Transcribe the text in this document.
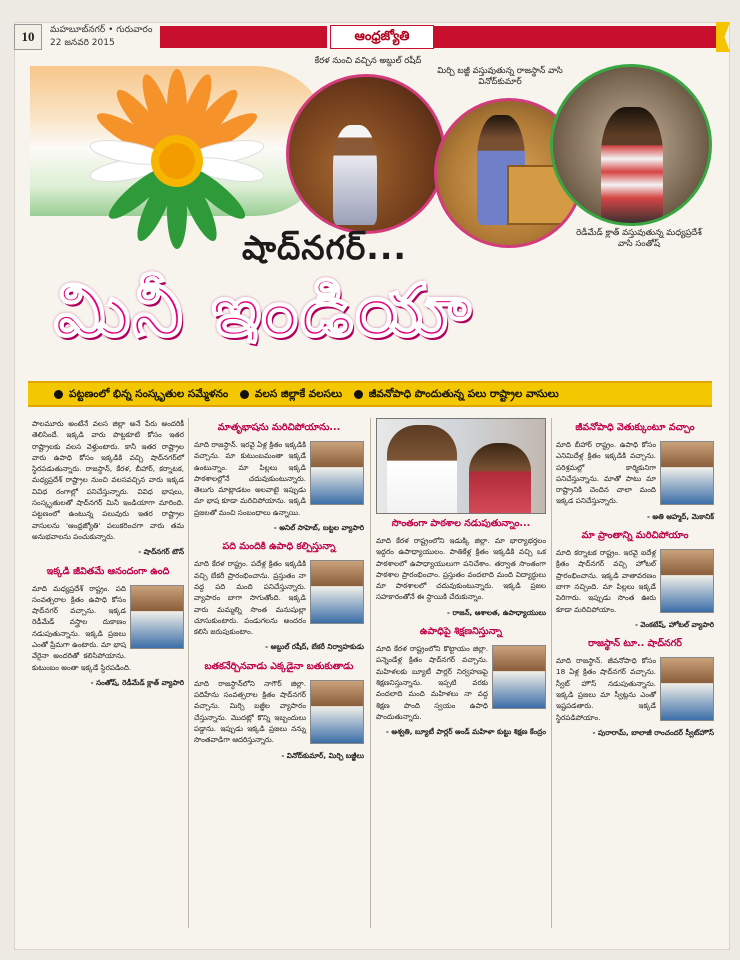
10	మహబూబ్‌నగర్ • గురువారం
22 జనవరి 2015	ఆంధ్రజ్యోతి
కేరళ నుంచి వచ్చిన అబ్దుల్ రషీద్
మిర్చి బజ్జీ వస్తువుతున్న రాజస్థాన్ వాసి వినోద్‌కుమార్
రెడీమేడ్ క్లాత్ వస్తువుతున్న మధ్యప్రదేశ్ వాసి సంతోష్
షాద్‌నగర్...
మినీ ఇండియా
పట్టణంలో భిన్న సంస్కృతుల సమ్మేళనం	వలస జిల్లాకే వలసలు	జీవనోపాధి పొందుతున్న పలు రాష్ట్రాల వాసులు

పాలమూరు అంటేనే వలస జిల్లా అనే పేరు అందరికీ తెలిసిందే. ఇక్కడి వారు పొట్టకూటి కోసం ఇతర రాష్ట్రాలకు వలస వెళ్తుంటారు. కానీ ఇతర రాష్ట్రాల వారు ఉపాధి కోసం ఇక్కడికి వచ్చి షాద్‌నగర్‌లో స్థిరపడుతున్నారు. రాజస్థాన్, కేరళ, బీహార్, కర్నాటక, మధ్యప్రదేశ్ రాష్ట్రాల నుంచి వలసవచ్చిన వారు ఇక్కడ వివిధ రంగాల్లో పనిచేస్తున్నారు. వివిధ భాషలు, సంస్కృతులతో షాద్‌నగర్ మినీ ఇండియాగా మారింది. పట్టణంలో ఉంటున్న పలువురు ఇతర రాష్ట్రాల వాసులను 'ఆంధ్రజ్యోతి' పలుకరించగా వారు తమ అనుభవాలను పంచుకున్నారు.

- షాద్‌నగర్ టౌన్
ఇక్కడి జీవితమే ఆనందంగా ఉంది

మాది మధ్యప్రదేశ్ రాష్ట్రం. పది సంవత్సరాల క్రితం ఉపాధి కోసం షాద్‌నగర్ వచ్చాను. ఇక్కడ రెడీమేడ్ వస్త్రాల దుకాణం నడుపుతున్నాను. ఇక్కడి ప్రజలు ఎంతో ప్రేమగా ఉంటారు. మా భాష వేరైనా అందరితో కలిసిపోయాను. కుటుంబం అంతా ఇక్కడే స్థిరపడింది.

- సంతోష్, రెడీమేడ్ క్లాత్ వ్యాపారి
మాతృభాషను మరిచిపోయాను...

మాది రాజస్థాన్. ఇరవై ఏళ్ల క్రితం ఇక్కడికి వచ్చాను. మా కుటుంబమంతా ఇక్కడే ఉంటున్నాం. మా పిల్లలు ఇక్కడి పాఠశాలల్లోనే చదువుకుంటున్నారు. తెలుగు మాట్లాడటం అలవాటై ఇప్పుడు మా భాష కూడా మరిచిపోయాను. ఇక్కడి ప్రజలతో మంచి సంబంధాలు ఉన్నాయి.

- అనిల్ సాహెబ్, బట్టల వ్యాపారి
పది మందికి ఉపాధి కల్పిస్తున్నా

మాది కేరళ రాష్ట్రం. పదేళ్ల క్రితం ఇక్కడికి వచ్చి బేకరీ ప్రారంభించాను. ప్రస్తుతం నా వద్ద పది మంది పనిచేస్తున్నారు. వ్యాపారం బాగా సాగుతోంది. ఇక్కడి వారు మమ్మల్ని సొంత మనుషుల్లా చూసుకుంటారు. పండుగలను అందరం కలిసి జరుపుకుంటాం.

- అబ్దుల్ రషీద్, బేకరీ నిర్వాహకుడు
బతకనేర్చినవాడు ఎక్కడైనా బతుకుతాడు

మాది రాజస్థాన్‌లోని నాగౌర్ జిల్లా. పదిహేను సంవత్సరాల క్రితం షాద్‌నగర్ వచ్చాను. మిర్చి బజ్జీల వ్యాపారం చేస్తున్నాను. మొదట్లో కొన్ని ఇబ్బందులు పడ్డాను. ఇప్పుడు ఇక్కడి ప్రజలు నన్ను సొంతవాడిగా ఆదరిస్తున్నారు.

- వినోద్‌కుమార్, మిర్చి బజ్జీలు
సొంతంగా పాఠశాల నడుపుతున్నాం...

మాది కేరళ రాష్ట్రంలోని ఇడుక్కి జిల్లా. మా భార్యాభర్తలం ఇద్దరం ఉపాధ్యాయులం. పాతికేళ్ల క్రితం ఇక్కడికి వచ్చి ఒక పాఠశాలలో ఉపాధ్యాయులుగా పనిచేశాం. తర్వాత సొంతంగా పాఠశాల ప్రారంభించాం. ప్రస్తుతం వందలాది మంది విద్యార్థులు మా పాఠశాలలో చదువుకుంటున్నారు. ఇక్కడి ప్రజల సహకారంతోనే ఈ స్థాయికి చేరుకున్నాం.

- రాజన్, ఆశాలత, ఉపాధ్యాయులు
ఉపాధిపై శిక్షణనిస్తున్నా

మాది కేరళ రాష్ట్రంలోని కొట్టాయం జిల్లా. పన్నెండేళ్ల క్రితం షాద్‌నగర్ వచ్చాను. మహిళలకు బ్యూటీ పార్లర్ నిర్వహణపై శిక్షణనిస్తున్నాను. ఇప్పటి వరకు వందలాది మంది మహిళలు నా వద్ద శిక్షణ పొంది స్వయం ఉపాధి పొందుతున్నారు.

- అశ్వతి, బ్యూటీ పార్లర్ అండ్ మహిళా కుట్టు శిక్షణ కేంద్రం
జీవనోపాధి వెతుక్కుంటూ వచ్చాం

మాది బీహార్ రాష్ట్రం. ఉపాధి కోసం ఎనిమిదేళ్ల క్రితం ఇక్కడికి వచ్చాను. పరిశ్రమల్లో కార్మికునిగా పనిచేస్తున్నాను. మాతో పాటు మా రాష్ట్రానికి చెందిన చాలా మంది ఇక్కడ పనిచేస్తున్నారు.

- అతి ఆహ్మద్, మెకానిక్
మా ప్రాంతాన్ని మరిచిపోయాం

మాది కర్నాటక రాష్ట్రం. ఇరవై ఐదేళ్ల క్రితం షాద్‌నగర్ వచ్చి హోటల్ ప్రారంభించాను. ఇక్కడి వాతావరణం బాగా నచ్చింది. మా పిల్లలు ఇక్కడే పెరిగారు. ఇప్పుడు సొంత ఊరు కూడా మరిచిపోయాం.

- వెంకటేష్, హోటల్ వ్యాపారి
రాజస్థాన్ టూ.. షాద్‌నగర్

మాది రాజస్థాన్. జీవనోపాధి కోసం 18 ఏళ్ల క్రితం షాద్‌నగర్ వచ్చాను. స్వీట్ హౌస్ నడుపుతున్నాను. ఇక్కడి ప్రజలు మా స్వీట్లను ఎంతో ఇష్టపడతారు. ఇక్కడే స్థిరపడిపోయాం.

- పురారామ్, బాలాజీ రాంచందర్ స్వీట్‌హౌస్
